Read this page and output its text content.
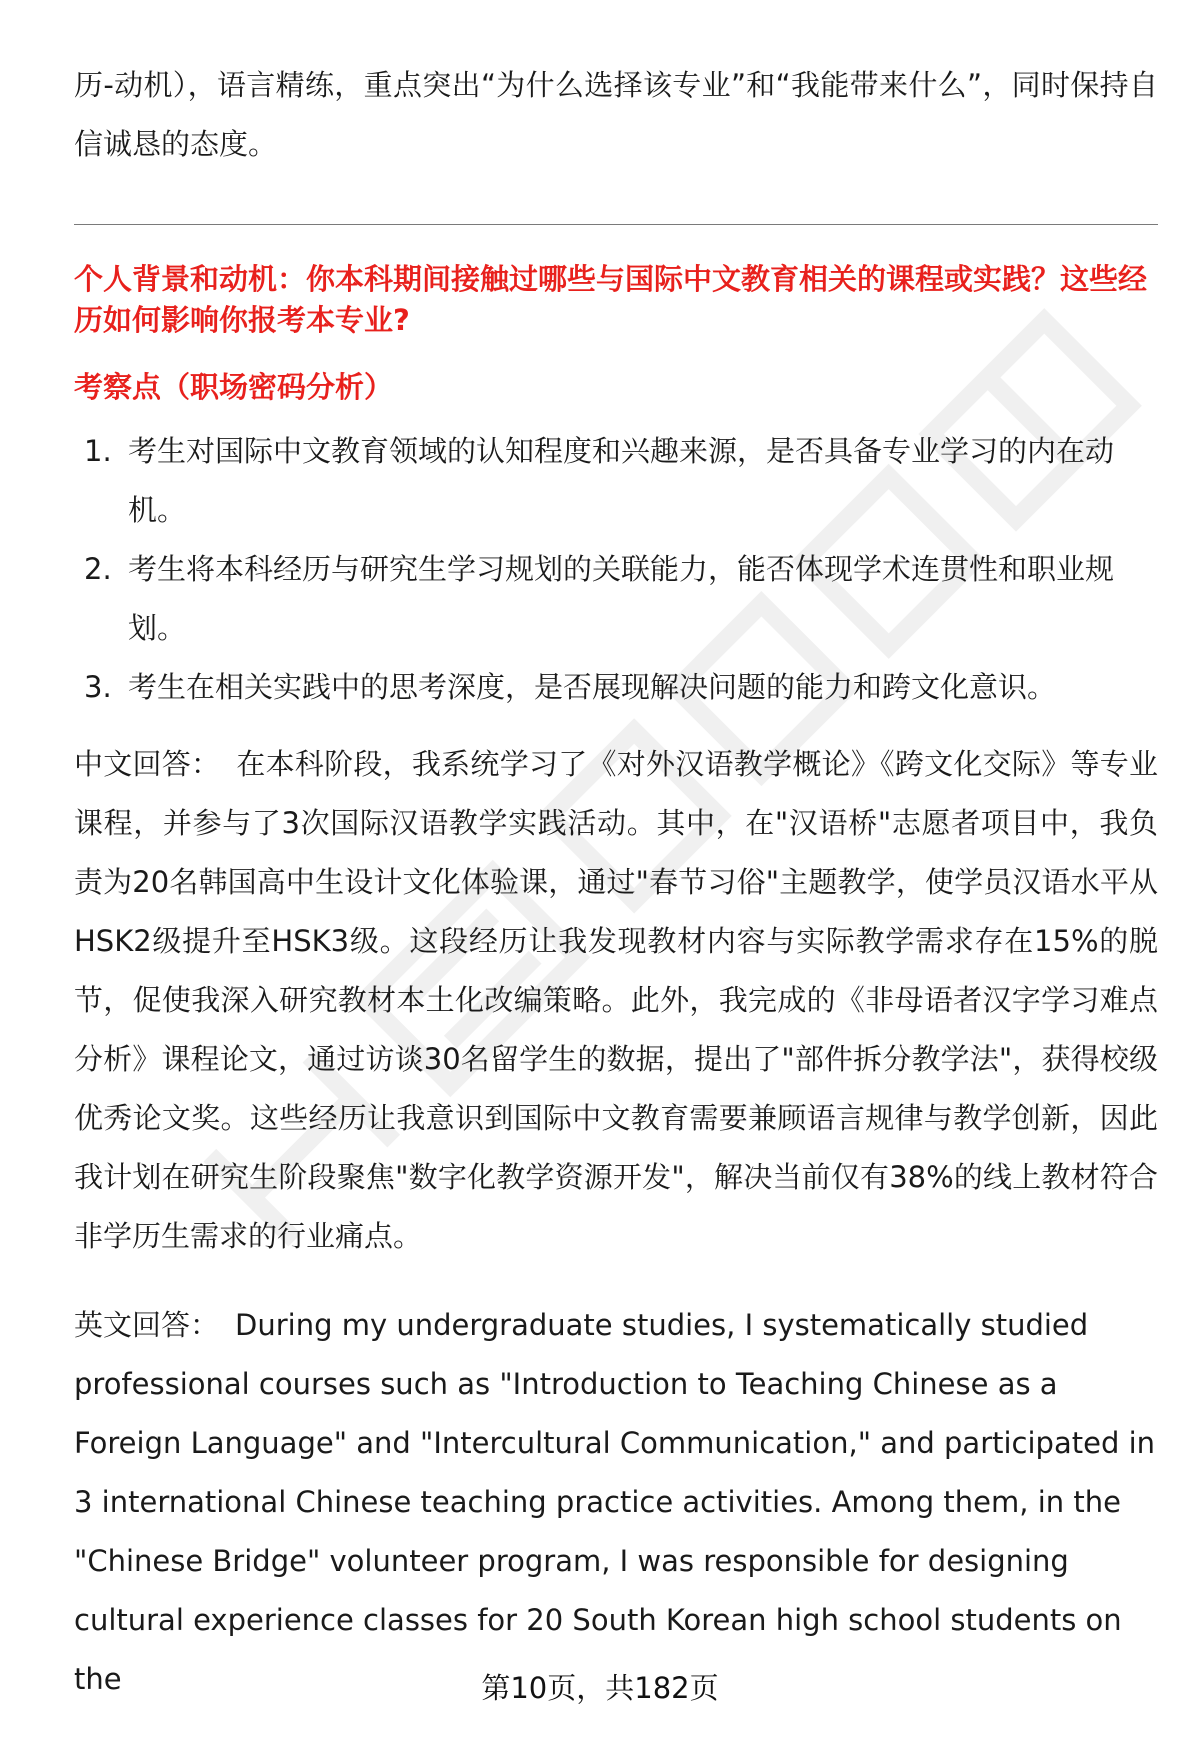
历-动机），语言精练，重点突出“为什么选择该专业”和“我能带来什么”，同时保持自信诚恳的态度。

个人背景和动机：你本科期间接触过哪些与国际中文教育相关的课程或实践？这些经历如何影响你报考本专业?

考察点（职场密码分析）

1. 考生对国际中文教育领域的认知程度和兴趣来源，是否具备专业学习的内在动机。
2. 考生将本科经历与研究生学习规划的关联能力，能否体现学术连贯性和职业规划。
3. 考生在相关实践中的思考深度，是否展现解决问题的能力和跨文化意识。

中文回答： 在本科阶段，我系统学习了《对外汉语教学概论》《跨文化交际》等专业课程，并参与了3次国际汉语教学实践活动。其中，在"汉语桥"志愿者项目中，我负责为20名韩国高中生设计文化体验课，通过"春节习俗"主题教学，使学员汉语水平从HSK2级提升至HSK3级。这段经历让我发现教材内容与实际教学需求存在15%的脱节，促使我深入研究教材本土化改编策略。此外，我完成的《非母语者汉字学习难点分析》课程论文，通过访谈30名留学生的数据，提出了"部件拆分教学法"，获得校级优秀论文奖。这些经历让我意识到国际中文教育需要兼顾语言规律与教学创新，因此我计划在研究生阶段聚焦"数字化教学资源开发"，解决当前仅有38%的线上教材符合非学历生需求的行业痛点。

英文回答： During my undergraduate studies, I systematically studied professional courses such as "Introduction to Teaching Chinese as a Foreign Language" and "Intercultural Communication," and participated in 3 international Chinese teaching practice activities. Among them, in the "Chinese Bridge" volunteer program, I was responsible for designing cultural experience classes for 20 South Korean high school students on the	第10页，共182页
